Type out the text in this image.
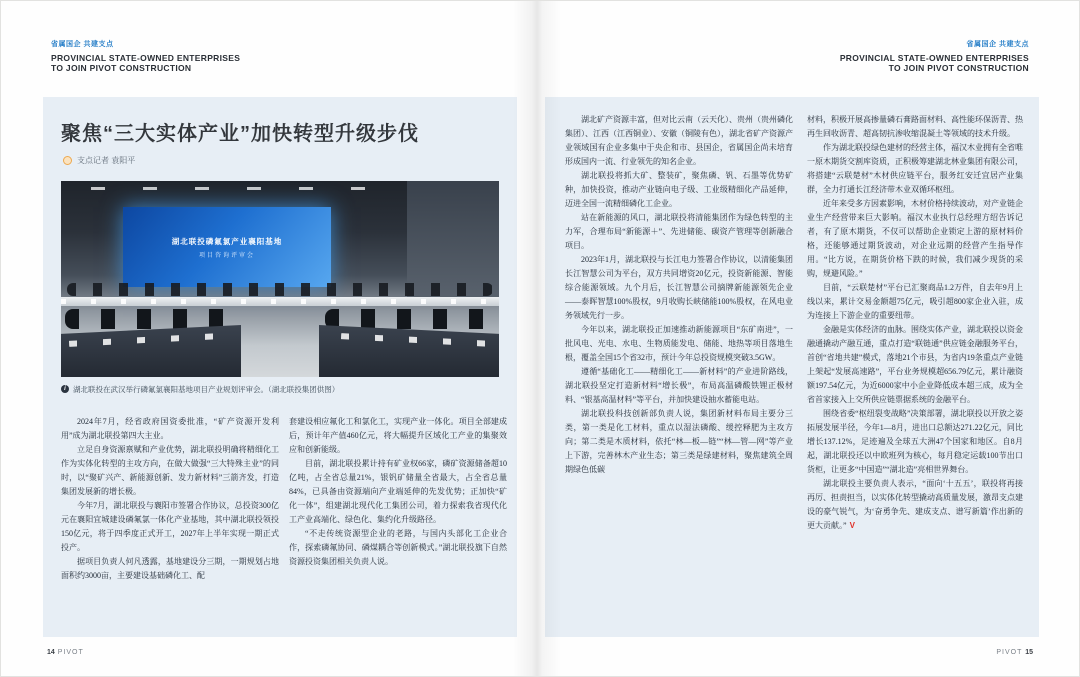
省属国企 共建支点
PROVINCIAL STATE-OWNED ENTERPRISES
TO JOIN PIVOT CONSTRUCTION
省属国企 共建支点
PROVINCIAL STATE-OWNED ENTERPRISES
TO JOIN PIVOT CONSTRUCTION
聚焦“三大实体产业”加快转型升级步伐
支点记者 袁阳平
湖北联投磷氟氯产业襄阳基地
项目咨询评审会
i 湖北联投在武汉举行磷氟氯襄阳基地项目产业规划评审会。（湖北联投集团供图）

2024年7月，经省政府国资委批准，“矿产资源开发利用”成为湖北联投第四大主业。

立足自身资源禀赋和产业优势，湖北联投明确将精细化工作为实体化转型的主攻方向，在做大做强“三大特殊主业”的同时，以“聚矿兴产、新能源创新、发力新材料”三箭齐发，打造集团发展新的增长极。

今年7月，湖北联投与襄阳市签署合作协议，总投资300亿元在襄阳宜城建设磷氟氯一体化产业基地，其中湖北联投领投150亿元，将于四季度正式开工，2027年上半年实现一期正式投产。

据项目负责人何凡透露，基地建设分三期，一期规划占地面积约3000亩，主要建设基础磷化工、配

套建设相应氟化工和氯化工，实现产业一体化。项目全部建成后，预计年产值460亿元，将大幅提升区域化工产业的集聚效应和创新能级。

目前，湖北联投累计持有矿业权66家，磷矿资源储备超10亿吨，占全省总量21%，银钒矿储量全省最大，占全省总量84%，已具备由资源端向产业端延伸的先发优势；正加快“矿化一体”，组建湖北现代化工集团公司，着力探索我省现代化工产业高端化、绿色化、集约化升级路径。

“不走传统资源型企业的老路，与国内头部化工企业合作，探索磷氟协同、磷煤耦合等创新模式。”湖北联投旗下自然资源投资集团相关负责人说。

湖北矿产资源丰富，但对比云南（云天化）、贵州（贵州磷化集团）、江西（江西铜业）、安徽（铜陵有色），湖北省矿产资源产业领域国有企业多集中于央企和市、县国企，省属国企尚未培育形成国内一流、行业领先的知名企业。

湖北联投将抓大矿、整装矿，聚焦磷、钒、石墨等优势矿种，加快投资，推动产业链向电子级、工业级精细化产品延伸，迈进全国一流精细磷化工企业。

站在新能源的风口，湖北联投将清能集团作为绿色转型的主力军，合理布局“新能源＋”、先进储能、碳资产管理等创新融合项目。

2023年1月，湖北联投与长江电力签署合作协议，以清能集团长江智慧公司为平台，双方共同增资20亿元，投资新能源、智能综合能源领域。九个月后，长江智慧公司摘牌新能源领先企业——泰晖智慧100%股权，9月收购长峡储能100%股权，在风电业务领域先行一步。

今年以来，湖北联投正加速推动新能源项目“东矿南进”，一批风电、光电、水电、生物质能发电、储能、地热等项目落地生根，覆盖全国15个省32市，预计今年总投资规模突破3.5GW。

遵循“基础化工——精细化工——新材料”的产业进阶路线，湖北联投坚定打造新材料“增长极”，布局高温磷酸铁锂正极材料、“银基高温材料”等平台，并加快建设抽水蓄能电站。

湖北联投科技创新部负责人说，集团新材料布局主要分三类，第一类是化工材料，重点以湿法磷酸、缓控释肥为主攻方向；第二类是木质材料，依托“林—板—链”“林—管—网”等产业上下游，完善林木产业生态；第三类是绿建材料，聚焦建筑全周期绿色低碳

材料，积极开展高掺量磷石膏路面材料、高性能环保沥青、热再生回收沥青、超高韧抗渗收缩混凝土等领域的技术升级。

作为湖北联投绿色建材的经营主体，福汉木业拥有全省唯一原木期货交割库资质，正积极筹建湖北林业集团有限公司，将搭建“云联楚材”木材供应链平台，服务红安迁宜居产业集群，全力打通长江经济带木业双循环枢纽。

近年来受多方因素影响，木材价格持续波动，对产业链企业生产经营带来巨大影响。福汉木业执行总经理方绍告诉记者，有了原木期货，不仅可以帮助企业锁定上游的原材料价格，还能够通过期货波动，对企业远期的经营产生指导作用。“比方说，在期货价格下跌的时候，我们减少现货的采购，规避风险。”

目前，“云联楚材”平台已汇聚商品1.2万件，自去年9月上线以来，累计交易金额超75亿元，吸引超800家企业入驻，成为连接上下游企业的重要纽带。

金融是实体经济的血脉。围绕实体产业，湖北联投以资金融通撬动产融互通，重点打造“联链通”供应链金融服务平台，首创“省地共建”模式，落地21个市县，为省内19条重点产业链上架起“发展高速路”，平台业务规模超656.79亿元，累计融资额197.54亿元，为近6000家中小企业降低成本超三成，成为全省首家接入上交所供应链票据系统的金融平台。

围绕省委“枢纽裂变战略”决策部署，湖北联投以开放之姿拓展发展半径，今年1—8月，进出口总额达271.22亿元，同比增长137.12%，足迹遍及全球五大洲47个国家和地区。自8月起，湖北联投还以中欧班列为核心，每月稳定运载100节出口货柜，让更多“中国造”“湖北造”亮相世界舞台。

湖北联投主要负责人表示，“面向‘十五五’，联投将再接再厉、担责担当，以实体化转型撬动高质量发展，激昂支点建设的豪气锐气，为‘奋勇争先、建成支点、谱写新篇’作出新的更大贡献。” V

14 PIVOT	PIVOT 15
